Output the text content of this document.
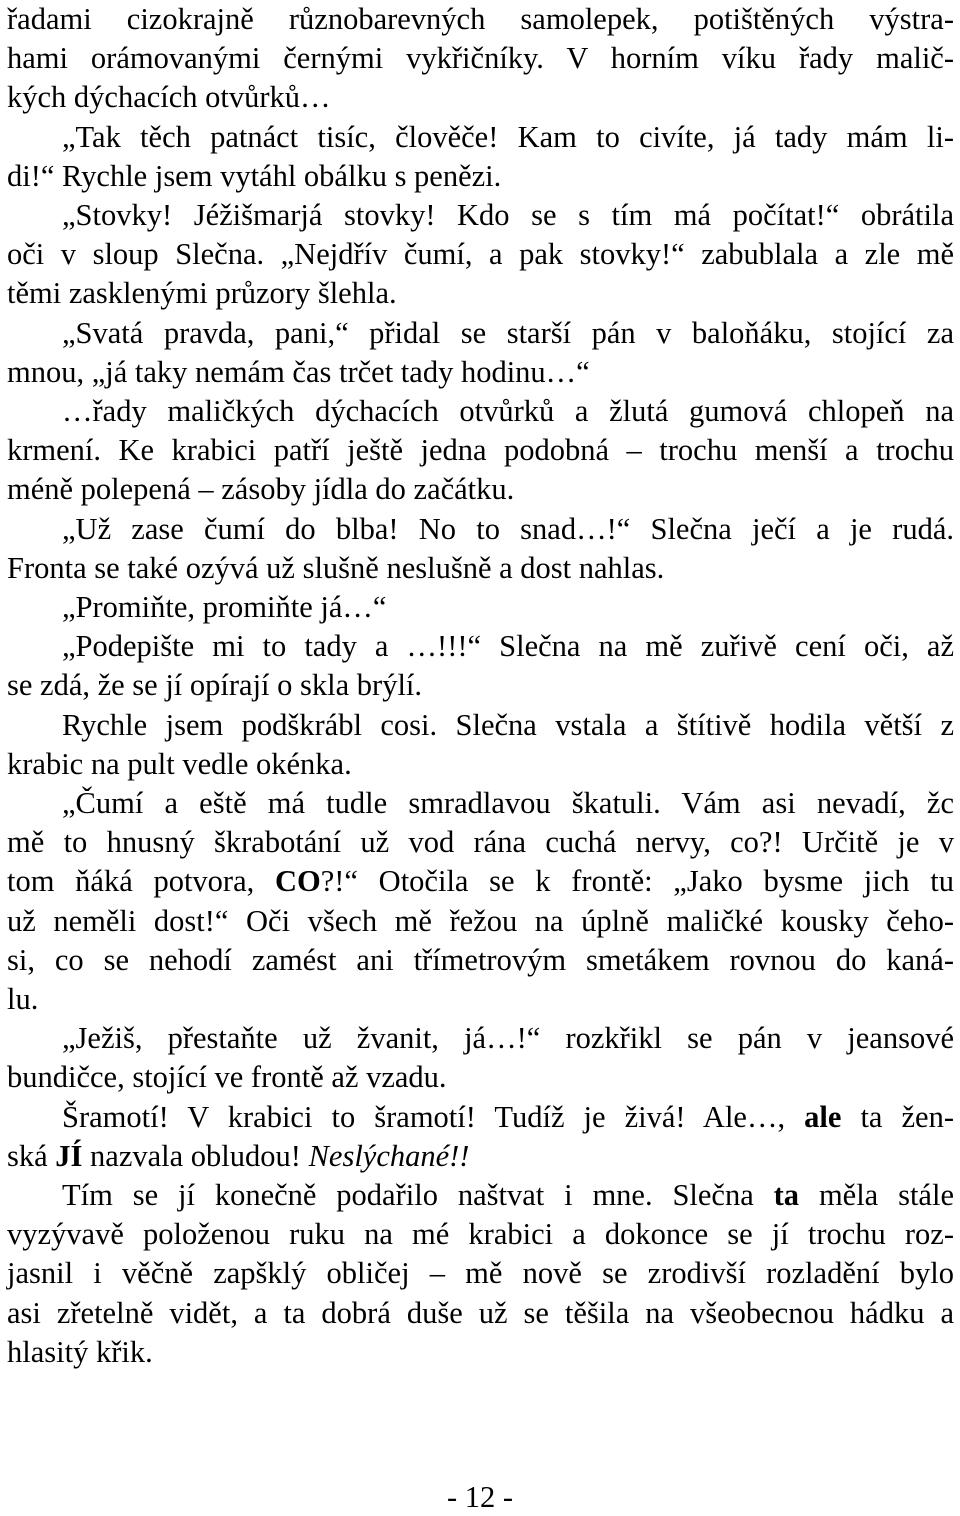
řadami cizokrajně různobarevných samolepek, potištěných výstra-
hami orámovanými černými vykřičníky. V horním víku řady malič-
kých dýchacích otvůrků…
„Tak těch patnáct tisíc, člověče! Kam to civíte, já tady mám li-
di!“ Rychle jsem vytáhl obálku s penězi.
„Stovky! Jéžišmarjá stovky! Kdo se s tím má počítat!“ obrátila
oči v sloup Slečna. „Nejdřív čumí, a pak stovky!“ zabublala a zle mě
těmi zasklenými průzory šlehla.
„Svatá pravda, pani,“ přidal se starší pán v baloňáku, stojící za
mnou, „já taky nemám čas trčet tady hodinu…“
…řady maličkých dýchacích otvůrků a žlutá gumová chlopeň na
krmení. Ke krabici patří ještě jedna podobná – trochu menší a trochu
méně polepená – zásoby jídla do začátku.
„Už zase čumí do blba! No to snad…!“ Slečna ječí a je rudá.
Fronta se také ozývá už slušně neslušně a dost nahlas.
„Promiňte, promiňte já…“
„Podepište mi to tady a …!!!“ Slečna na mě zuřivě cení oči, až
se zdá, že se jí opírají o skla brýlí.
Rychle jsem podškrábl cosi. Slečna vstala a štítivě hodila větší z
krabic na pult vedle okénka.
„Čumí a eště má tudle smradlavou škatuli. Vám asi nevadí, žc
mě to hnusný škrabotání už vod rána cuchá nervy, co?! Určitě je v
tom ňáká potvora, CO?!“ Otočila se k frontě: „Jako bysme jich tu
už neměli dost!“ Oči všech mě řežou na úplně maličké kousky čeho-
si, co se nehodí zamést ani třímetrovým smetákem rovnou do kaná-
lu.
„Ježiš, přestaňte už žvanit, já…!“ rozkřikl se pán v jeansové
bundičce, stojící ve frontě až vzadu.
Šramotí! V krabici to šramotí! Tudíž je živá! Ale…, ale ta žen-
ská JÍ nazvala obludou! Neslýchané!!
Tím se jí konečně podařilo naštvat i mne. Slečna ta měla stále
vyzývavě položenou ruku na mé krabici a dokonce se jí trochu roz-
jasnil i věčně zapšklý obličej – mě nově se zrodivší rozladění bylo
asi zřetelně vidět, a ta dobrá duše už se těšila na všeobecnou hádku a
hlasitý křik.
- 12 -
